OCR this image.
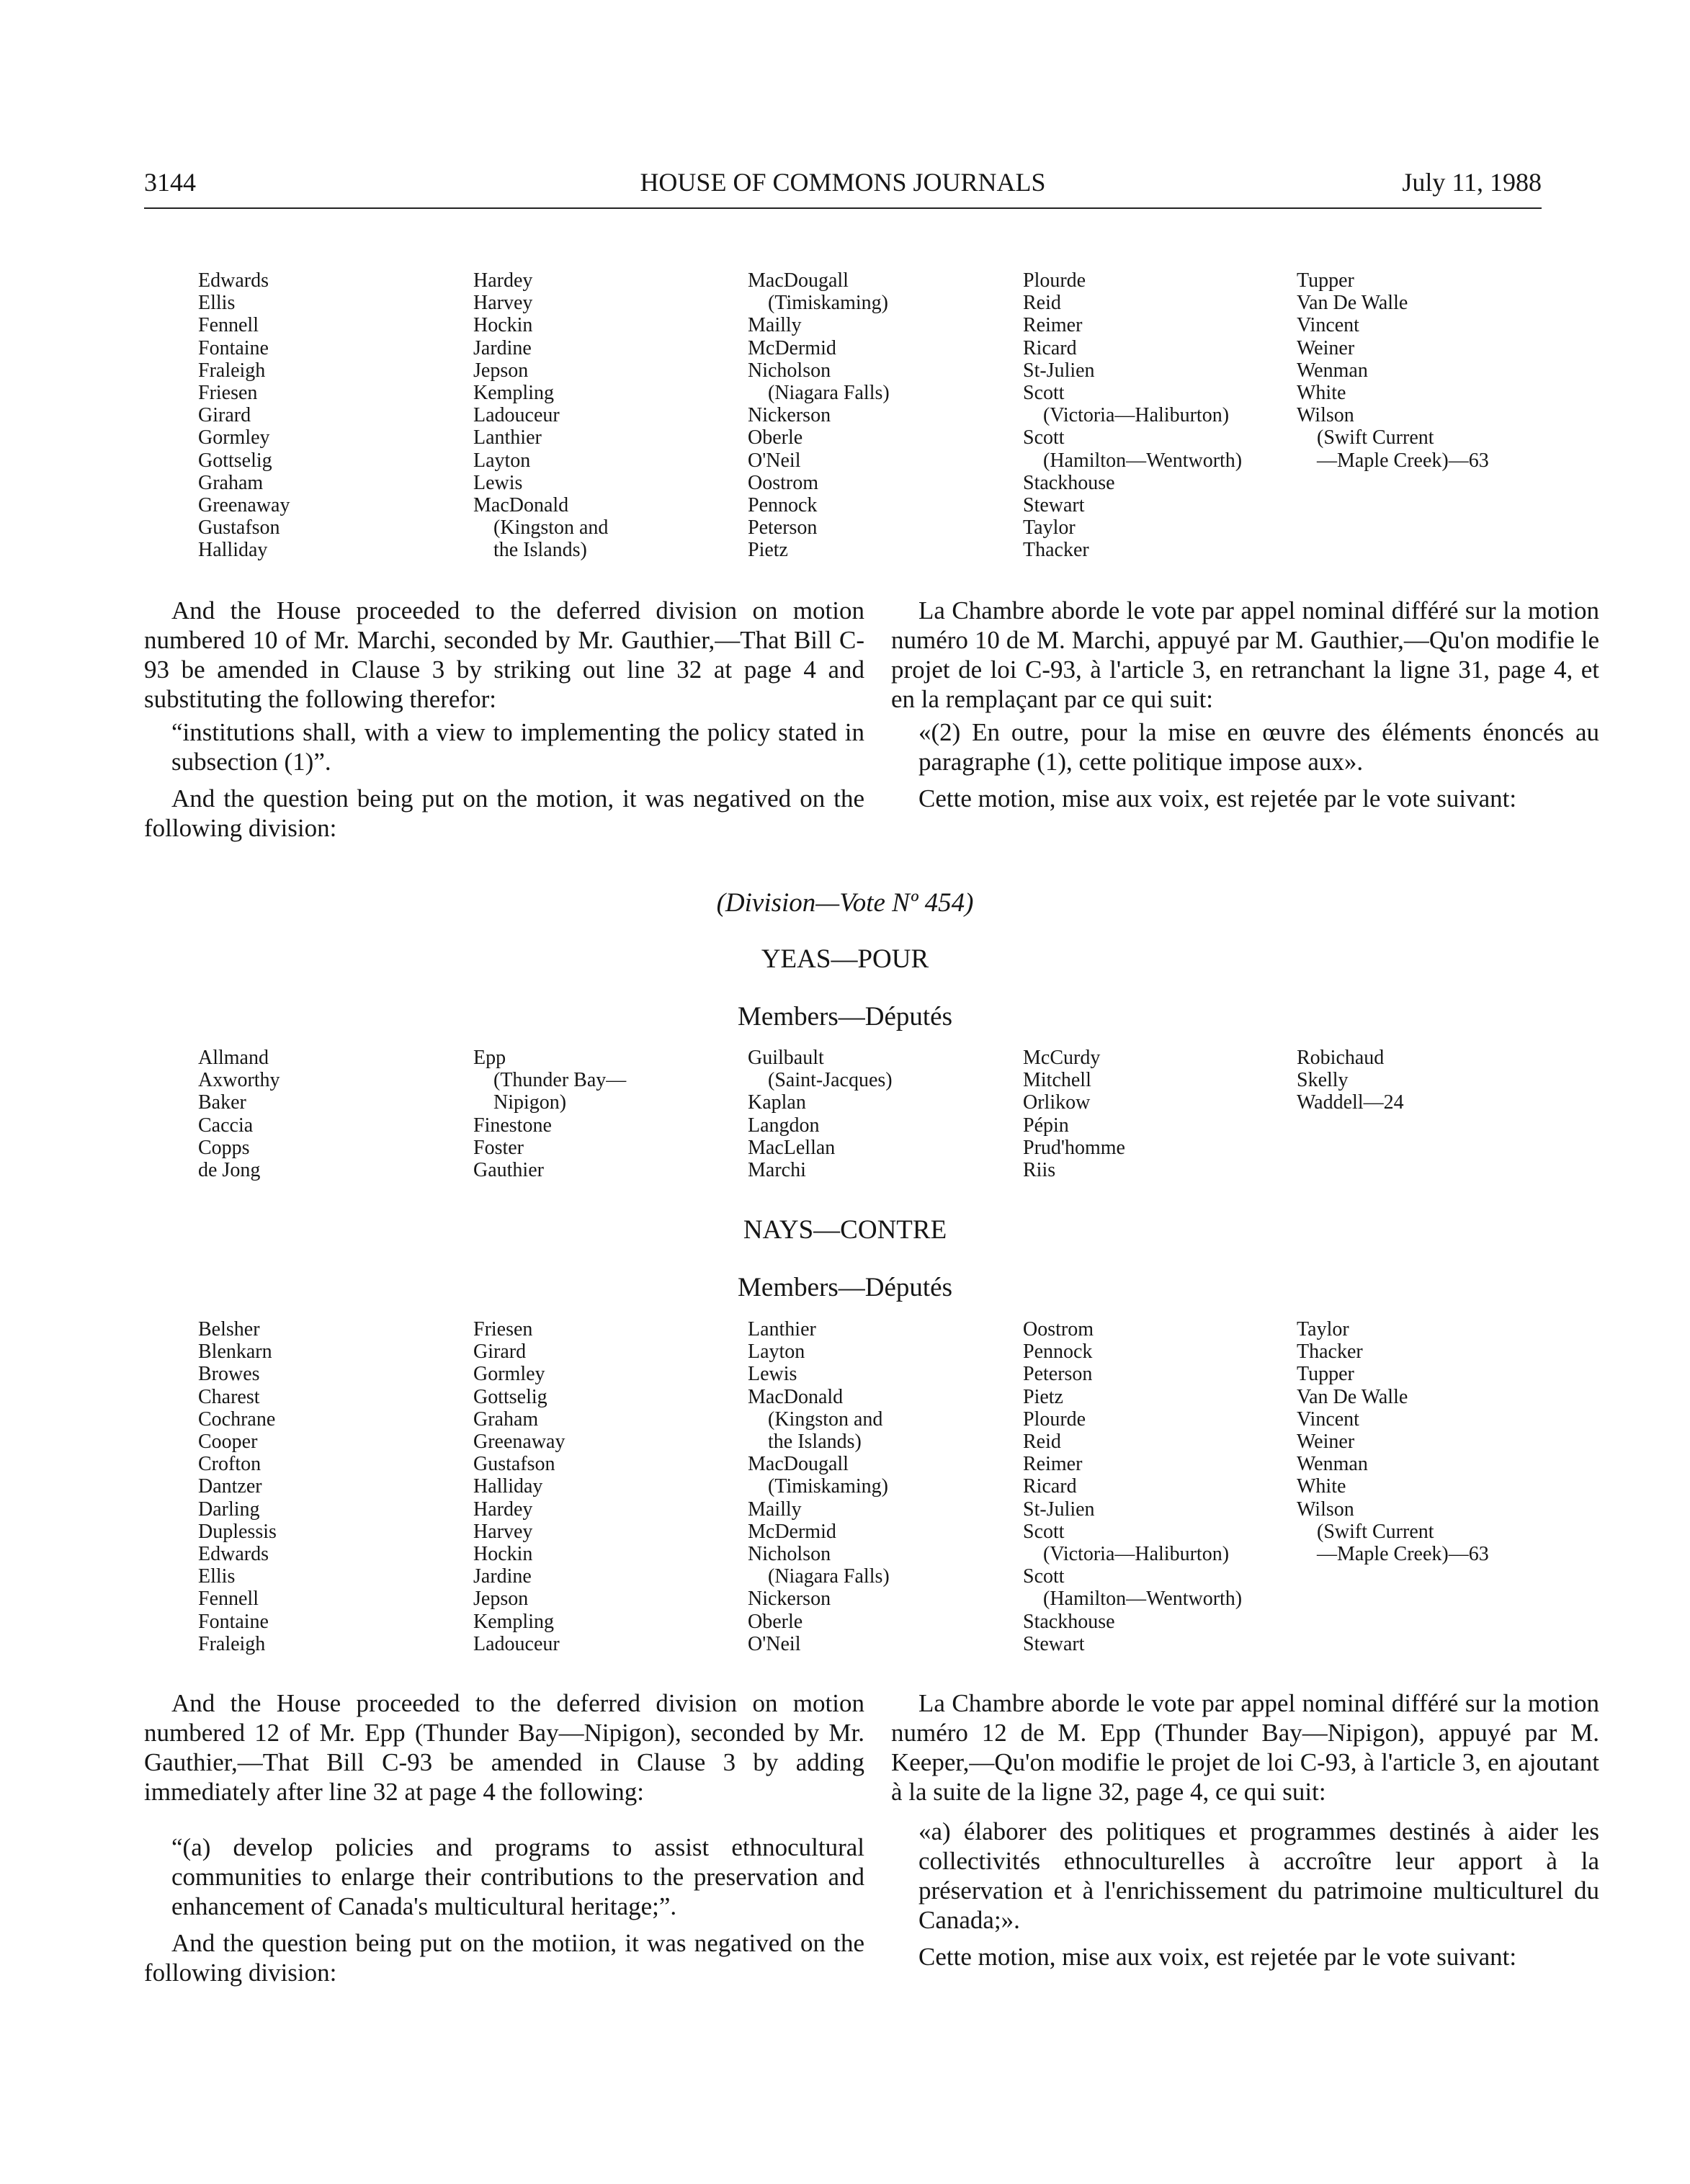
3144	HOUSE OF COMMONS JOURNALS	July 11, 1988
Edwards
Ellis
Fennell
Fontaine
Fraleigh
Friesen
Girard
Gormley
Gottselig
Graham
Greenaway
Gustafson
Halliday
Hardey
Harvey
Hockin
Jardine
Jepson
Kempling
Ladouceur
Lanthier
Layton
Lewis
MacDonald
(Kingston and
the Islands)
MacDougall
(Timiskaming)
Mailly
McDermid
Nicholson
(Niagara Falls)
Nickerson
Oberle
O'Neil
Oostrom
Pennock
Peterson
Pietz
Plourde
Reid
Reimer
Ricard
St-Julien
Scott
(Victoria—Haliburton)
Scott
(Hamilton—Wentworth)
Stackhouse
Stewart
Taylor
Thacker
Tupper
Van De Walle
Vincent
Weiner
Wenman
White
Wilson
(Swift Current
—Maple Creek)—63

And the House proceeded to the deferred division on motion numbered 10 of Mr. Marchi, seconded by Mr. Gauthier,—That Bill C-93 be amended in Clause 3 by striking out line 32 at page 4 and substituting the following therefor:

“institutions shall, with a view to implementing the policy stated in subsection (1)”.

And the question being put on the motion, it was negatived on the following division:

La Chambre aborde le vote par appel nominal différé sur la motion numéro 10 de M. Marchi, appuyé par M. Gauthier,—Qu'on modifie le projet de loi C-93, à l'article 3, en retranchant la ligne 31, page 4, et en la remplaçant par ce qui suit:

«(2) En outre, pour la mise en œuvre des éléments énoncés au paragraphe (1), cette politique impose aux».

Cette motion, mise aux voix, est rejetée par le vote suivant:

(Division—Vote Nº 454)
YEAS—POUR
Members—Députés
Allmand
Axworthy
Baker
Caccia
Copps
de Jong
Epp
(Thunder Bay—
Nipigon)
Finestone
Foster
Gauthier
Guilbault
(Saint-Jacques)
Kaplan
Langdon
MacLellan
Marchi
McCurdy
Mitchell
Orlikow
Pépin
Prud'homme
Riis
Robichaud
Skelly
Waddell—24
NAYS—CONTRE
Members—Députés
Belsher
Blenkarn
Browes
Charest
Cochrane
Cooper
Crofton
Dantzer
Darling
Duplessis
Edwards
Ellis
Fennell
Fontaine
Fraleigh
Friesen
Girard
Gormley
Gottselig
Graham
Greenaway
Gustafson
Halliday
Hardey
Harvey
Hockin
Jardine
Jepson
Kempling
Ladouceur
Lanthier
Layton
Lewis
MacDonald
(Kingston and
the Islands)
MacDougall
(Timiskaming)
Mailly
McDermid
Nicholson
(Niagara Falls)
Nickerson
Oberle
O'Neil
Oostrom
Pennock
Peterson
Pietz
Plourde
Reid
Reimer
Ricard
St-Julien
Scott
(Victoria—Haliburton)
Scott
(Hamilton—Wentworth)
Stackhouse
Stewart
Taylor
Thacker
Tupper
Van De Walle
Vincent
Weiner
Wenman
White
Wilson
(Swift Current
—Maple Creek)—63

And the House proceeded to the deferred division on motion numbered 12 of Mr. Epp (Thunder Bay—Nipigon), seconded by Mr. Gauthier,—That Bill C-93 be amended in Clause 3 by adding immediately after line 32 at page 4 the following:

“(a) develop policies and programs to assist ethnocultural communities to enlarge their contributions to the preservation and enhancement of Canada's multicultural heritage;”.

And the question being put on the motiion, it was negatived on the following division:

La Chambre aborde le vote par appel nominal différé sur la motion numéro 12 de M. Epp (Thunder Bay—Nipigon), appuyé par M. Keeper,—Qu'on modifie le projet de loi C-93, à l'article 3, en ajoutant à la suite de la ligne 32, page 4, ce qui suit:

«a) élaborer des politiques et programmes destinés à aider les collectivités ethnoculturelles à accroître leur apport à la préservation et à l'enrichissement du patrimoine multiculturel du Canada;».

Cette motion, mise aux voix, est rejetée par le vote suivant:
